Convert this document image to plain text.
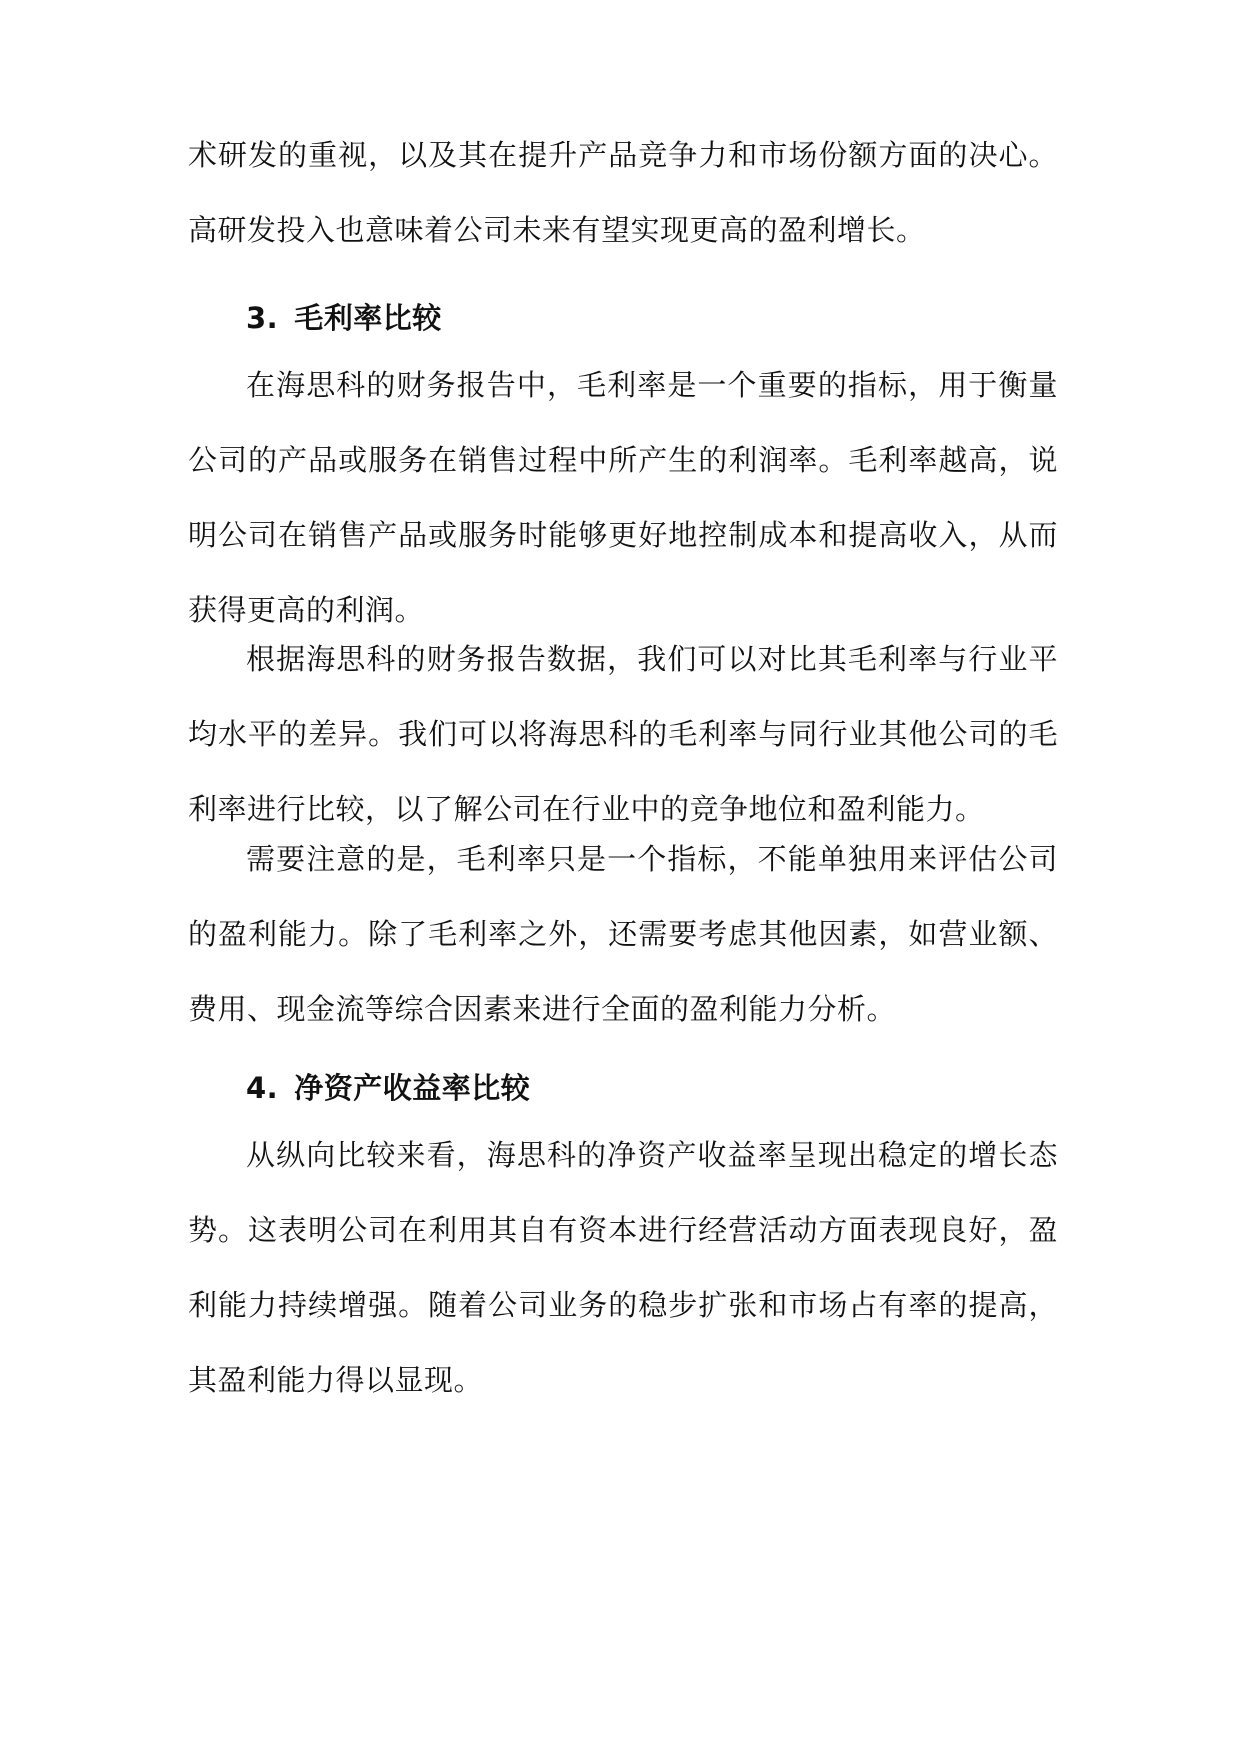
术研发的重视，以及其在提升产品竞争力和市场份额方面的决心。高研发投入也意味着公司未来有望实现更高的盈利增长。

3. 毛利率比较

在海思科的财务报告中，毛利率是一个重要的指标，用于衡量公司的产品或服务在销售过程中所产生的利润率。毛利率越高，说明公司在销售产品或服务时能够更好地控制成本和提高收入，从而获得更高的利润。

根据海思科的财务报告数据，我们可以对比其毛利率与行业平均水平的差异。我们可以将海思科的毛利率与同行业其他公司的毛利率进行比较，以了解公司在行业中的竞争地位和盈利能力。

需要注意的是，毛利率只是一个指标，不能单独用来评估公司的盈利能力。除了毛利率之外，还需要考虑其他因素，如营业额、费用、现金流等综合因素来进行全面的盈利能力分析。

4. 净资产收益率比较

从纵向比较来看，海思科的净资产收益率呈现出稳定的增长态势。这表明公司在利用其自有资本进行经营活动方面表现良好，盈利能力持续增强。随着公司业务的稳步扩张和市场占有率的提高，其盈利能力得以显现。
